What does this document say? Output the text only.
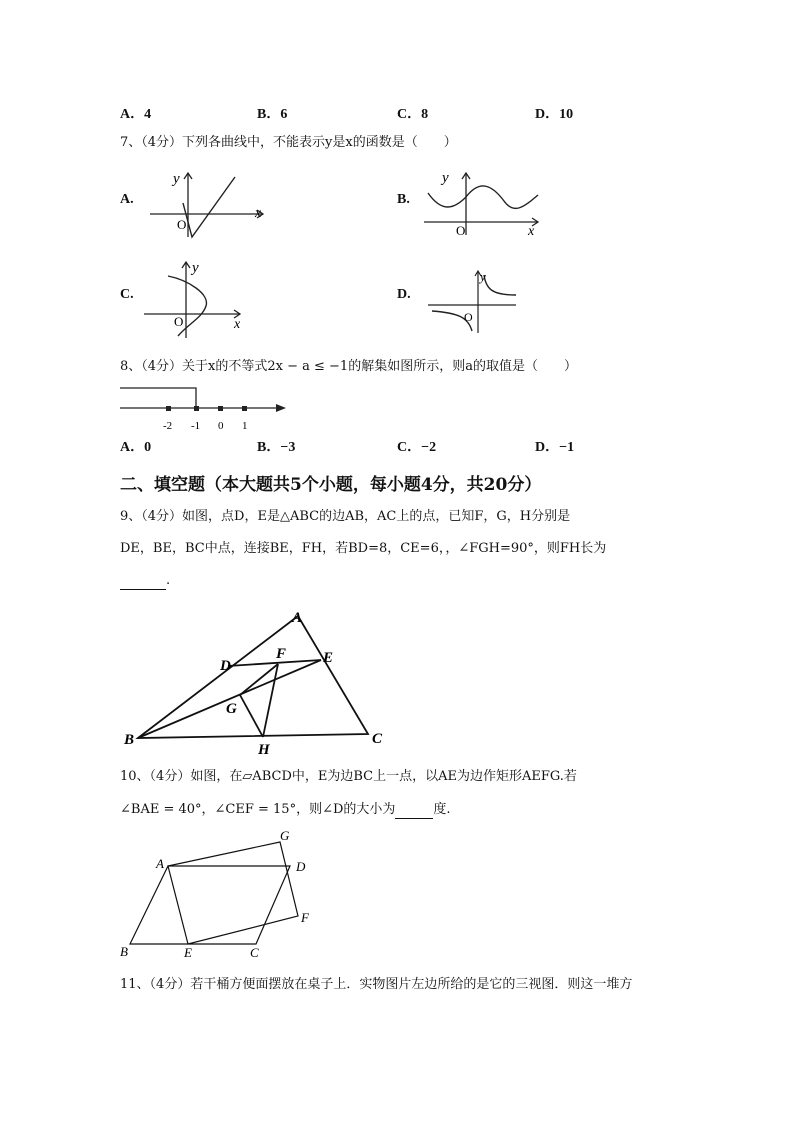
A．4	B．6	C．8	D．10
7、（4分）下列各曲线中，不能表示y是x的函数是（　　）
A.
y
x
O
B.
y
x
O
C.
y
x
O
D.
y
O
8、（4分）关于x的不等式2x − a ≤ −1的解集如图所示，则a的取值是（　　）
-2 -1 0 1
A．0	B．−3	C．−2	D．−1
二、填空题（本大题共5个小题，每小题4分，共20分）
9、（4分）如图，点D，E是△ABC的边AB，AC上的点，已知F，G，H分别是
DE，BE，BC中点，连接BE，FH，若BD=8，CE=6，，∠FGH=90°，则FH长为
.
A
B	C
D	E
F
G
H
10、（4分）如图，在▱ABCD中，E为边BC上一点，以AE为边作矩形AEFG.若
∠BAE = 40°，∠CEF = 15°，则∠D的大小为	度.
A
B	C
D
E
F
G
11、（4分）若干桶方便面摆放在桌子上．实物图片左边所给的是它的三视图．则这一堆方
